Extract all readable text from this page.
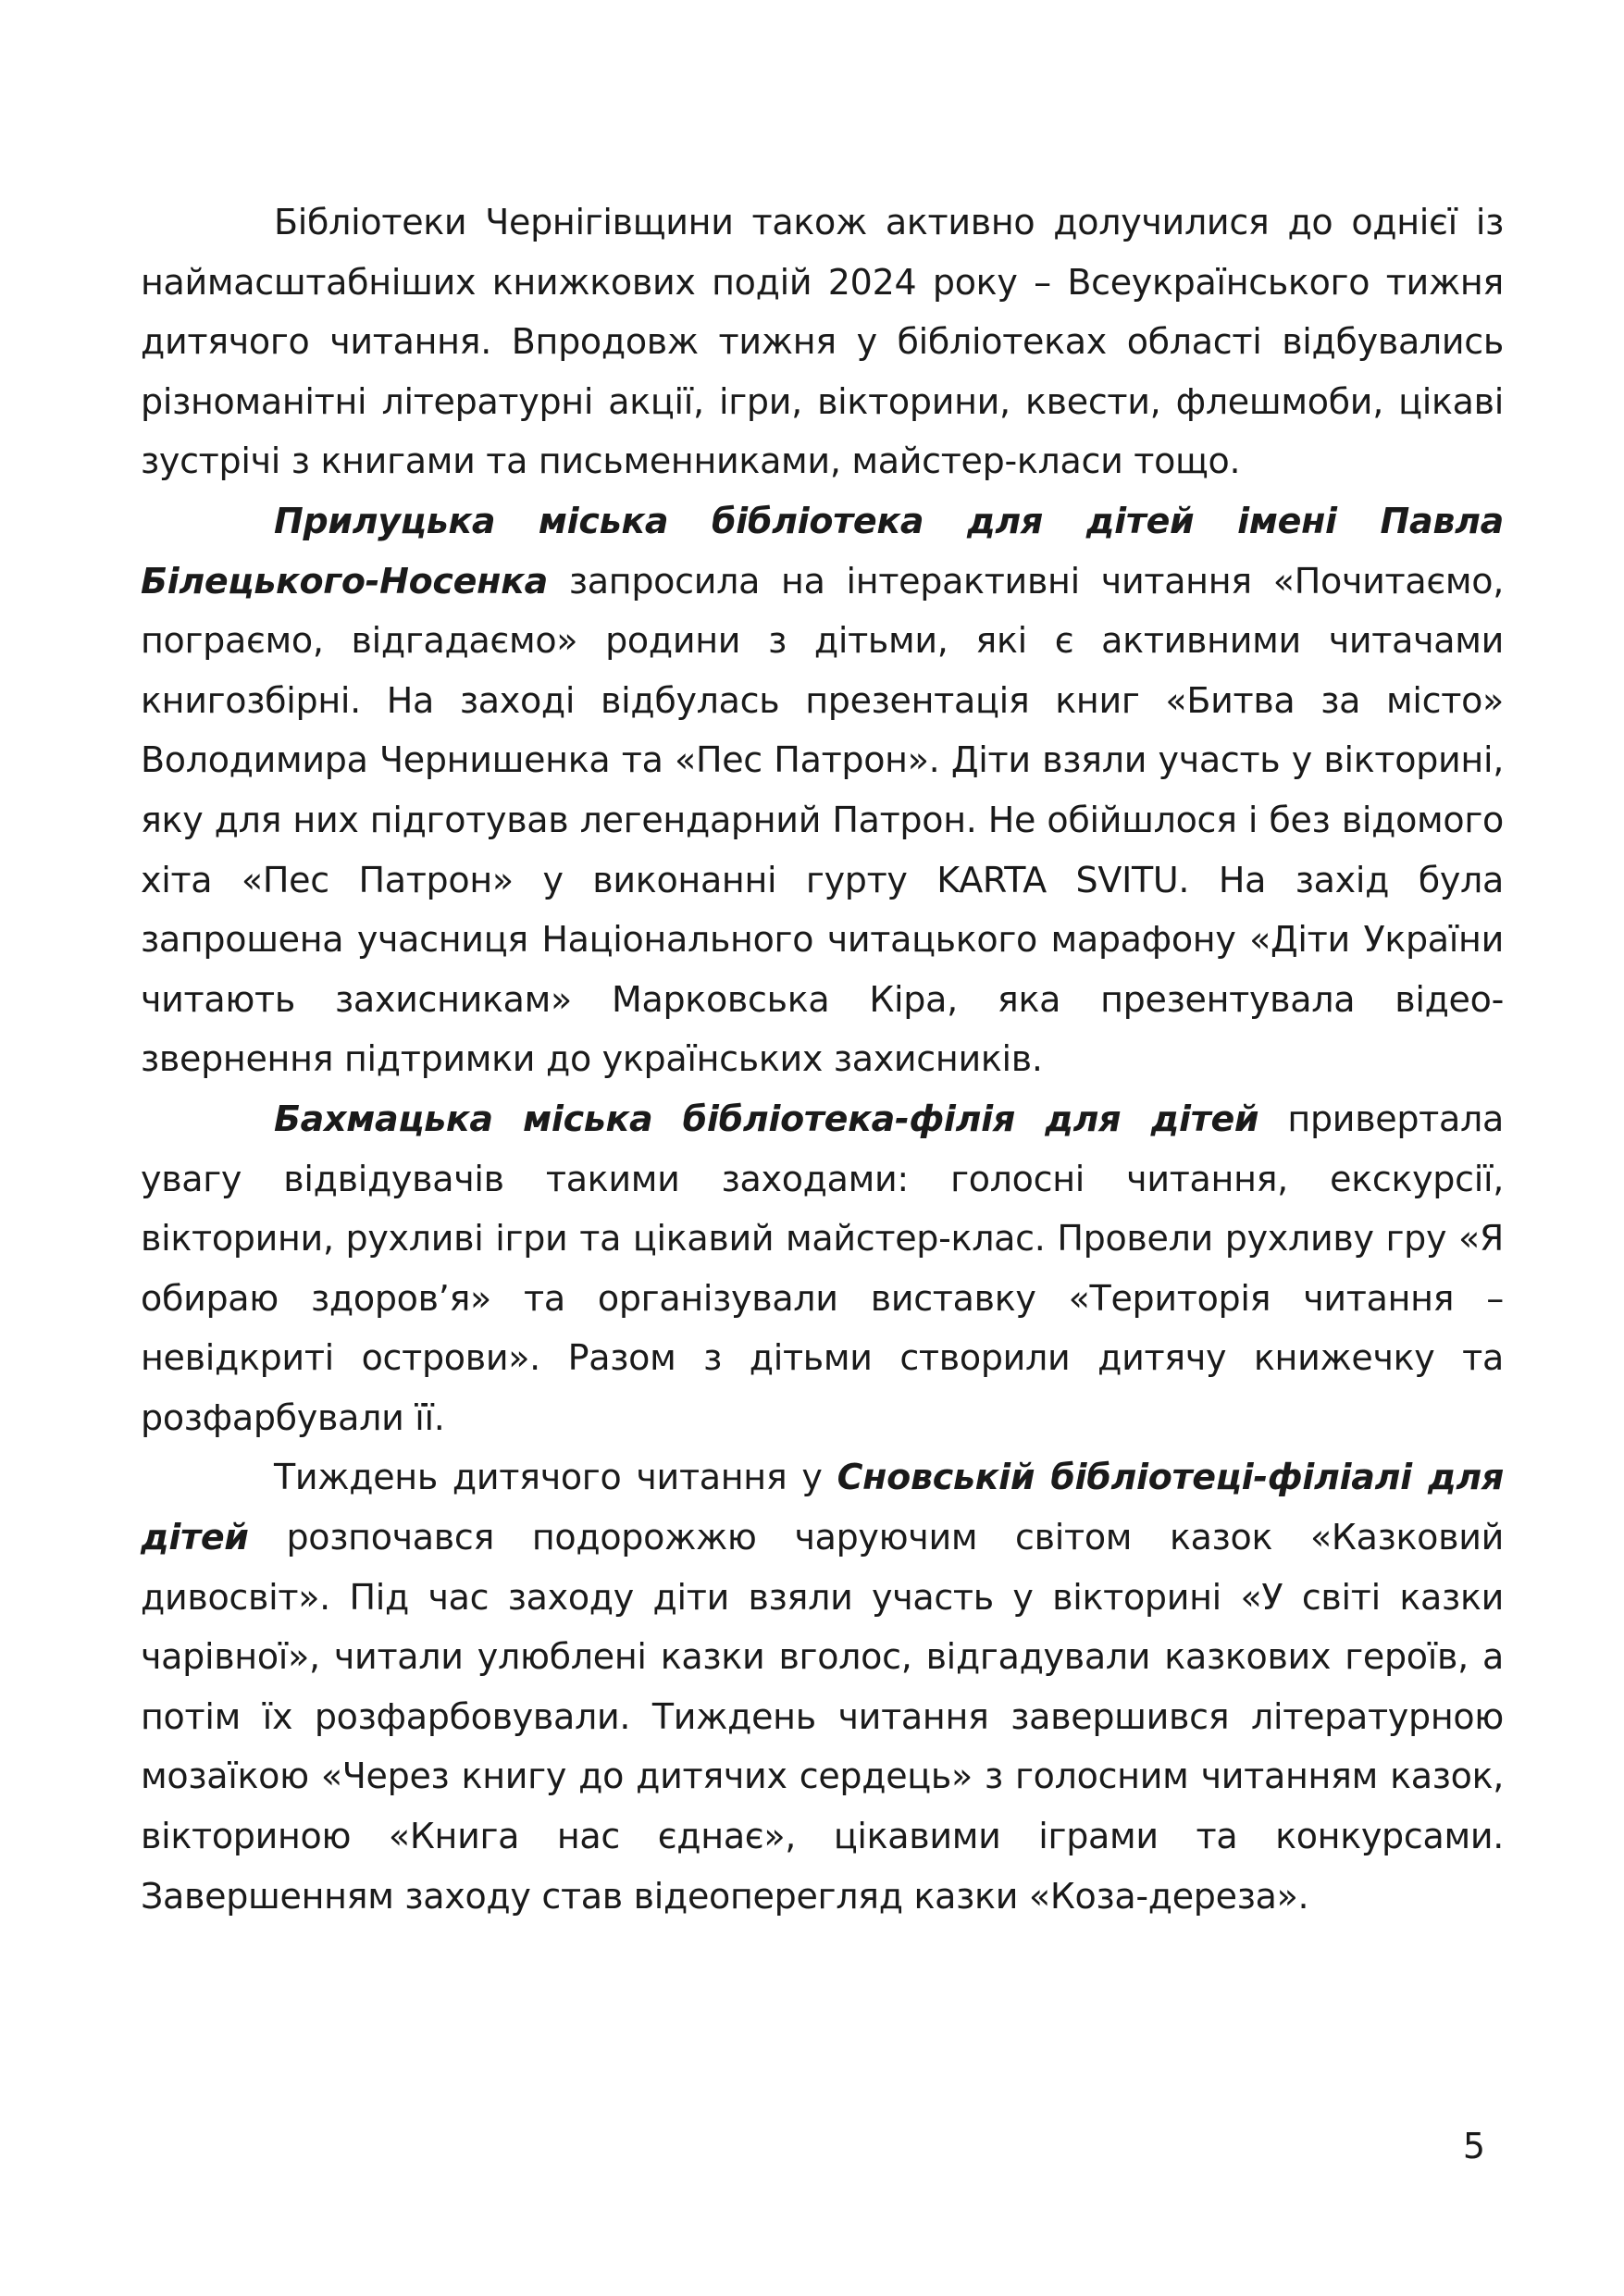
Бібліотеки Чернігівщини також активно долучилися до однієї із наймасштабніших книжкових подій 2024 року – Всеукраїнського тижня дитячого читання. Впродовж тижня у бібліотеках області відбувались різноманітні літературні акції, ігри, вікторини, квести, флешмоби, цікаві зустрічі з книгами та письменниками, майстер-класи тощо.

Прилуцька міська бібліотека для дітей імені Павла Білецького-Носенка запросила на інтерактивні читання «Почитаємо, пограємо, відгадаємо» родини з дітьми, які є активними читачами книгозбірні. На заході відбулась презентація книг «Битва за місто» Володимира Чернишенка та «Пес Патрон». Діти взяли участь у вікторині, яку для них підготував легендарний Патрон. Не обійшлося і без відомого хіта «Пес Патрон» у виконанні гурту KARTA SVITU. На захід була запрошена учасниця Національного читацького марафону «Діти України читають захисникам» Марковська Кіра, яка презентувала відео-звернення підтримки до українських захисників.

Бахмацька міська бібліотека-філія для дітей привертала увагу відвідувачів такими заходами: голосні читання, екскурсії, вікторини, рухливі ігри та цікавий майстер-клас. Провели рухливу гру «Я обираю здоров’я» та організували виставку «Територія читання – невідкриті острови». Разом з дітьми створили дитячу книжечку та розфарбували її.

Тиждень дитячого читання у Сновській бібліотеці-філіалі для дітей розпочався подорожжю чаруючим світом казок «Казковий дивосвіт». Під час заходу діти взяли участь у вікторині «У світі казки чарівної», читали улюблені казки вголос, відгадували казкових героїв, а потім їх розфарбовували. Тиждень читання завершився літературною мозаїкою «Через книгу до дитячих сердець» з голосним читанням казок, вікториною «Книга нас єднає», цікавими іграми та конкурсами. Завершенням заходу став відеоперегляд казки «Коза-дереза».

5
